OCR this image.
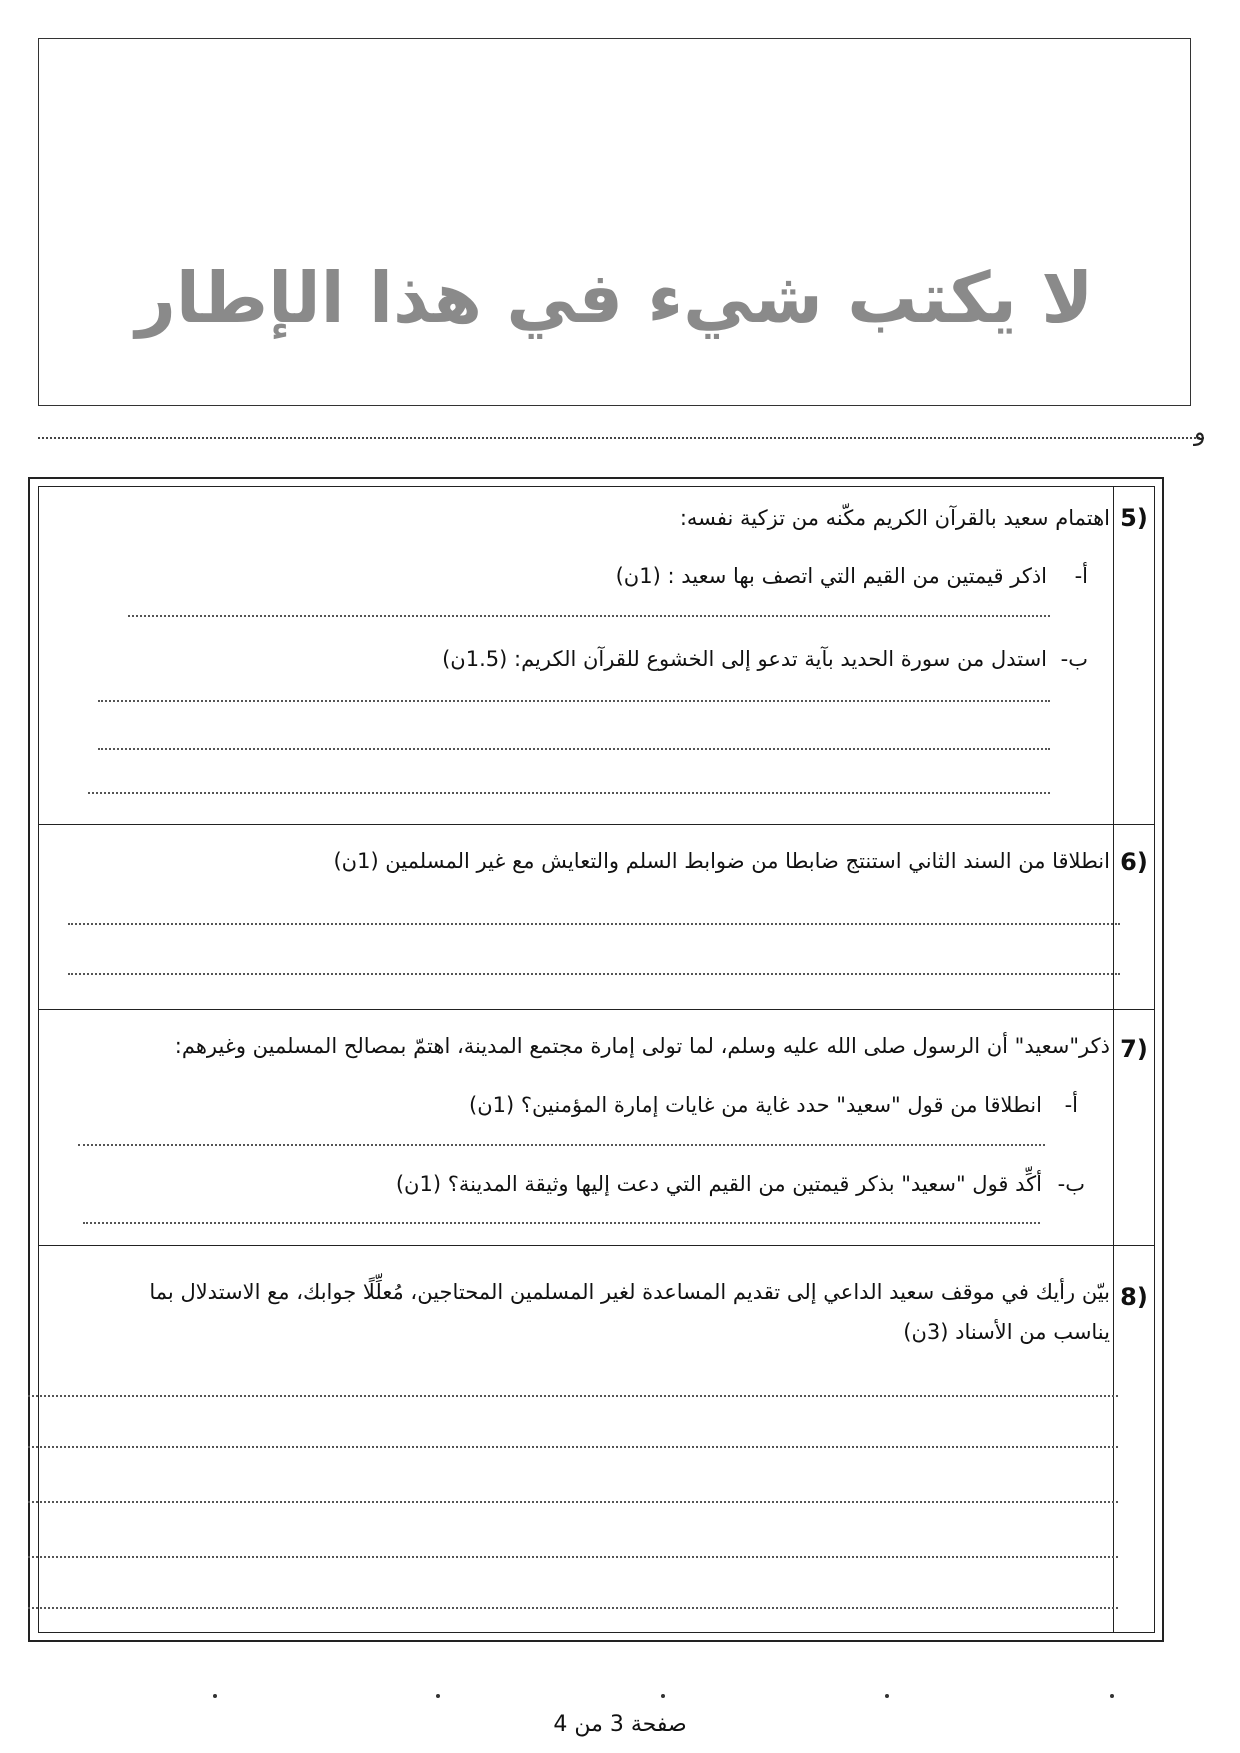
لا يكتب شيء في هذا الإطار
و
5)
اهتمام سعيد بالقرآن الكريم مكّنه من تزكية نفسه:
أ-
اذكر قيمتين من القيم التي اتصف بها سعيد : (1ن)
ب-
استدل من سورة الحديد بآية تدعو إلى الخشوع للقرآن الكريم: (1.5ن)
6)
انطلاقا من السند الثاني استنتج ضابطا من ضوابط السلم والتعايش مع غير المسلمين (1ن)
7)
ذكر"سعيد" أن الرسول صلى الله عليه وسلم، لما تولى إمارة مجتمع المدينة، اهتمّ بمصالح المسلمين وغيرهم:
أ-
انطلاقا من قول "سعيد" حدد غاية من غايات إمارة المؤمنين؟ (1ن)
ب-
أكِّد قول "سعيد" بذكر قيمتين من القيم التي دعت إليها وثيقة المدينة؟ (1ن)
8)
بيّن رأيك في موقف سعيد الداعي إلى تقديم المساعدة لغير المسلمين المحتاجين، مُعلِّلًا جوابك، مع الاستدلال بما يناسب من الأسناد (3ن)
صفحة 3 من 4
